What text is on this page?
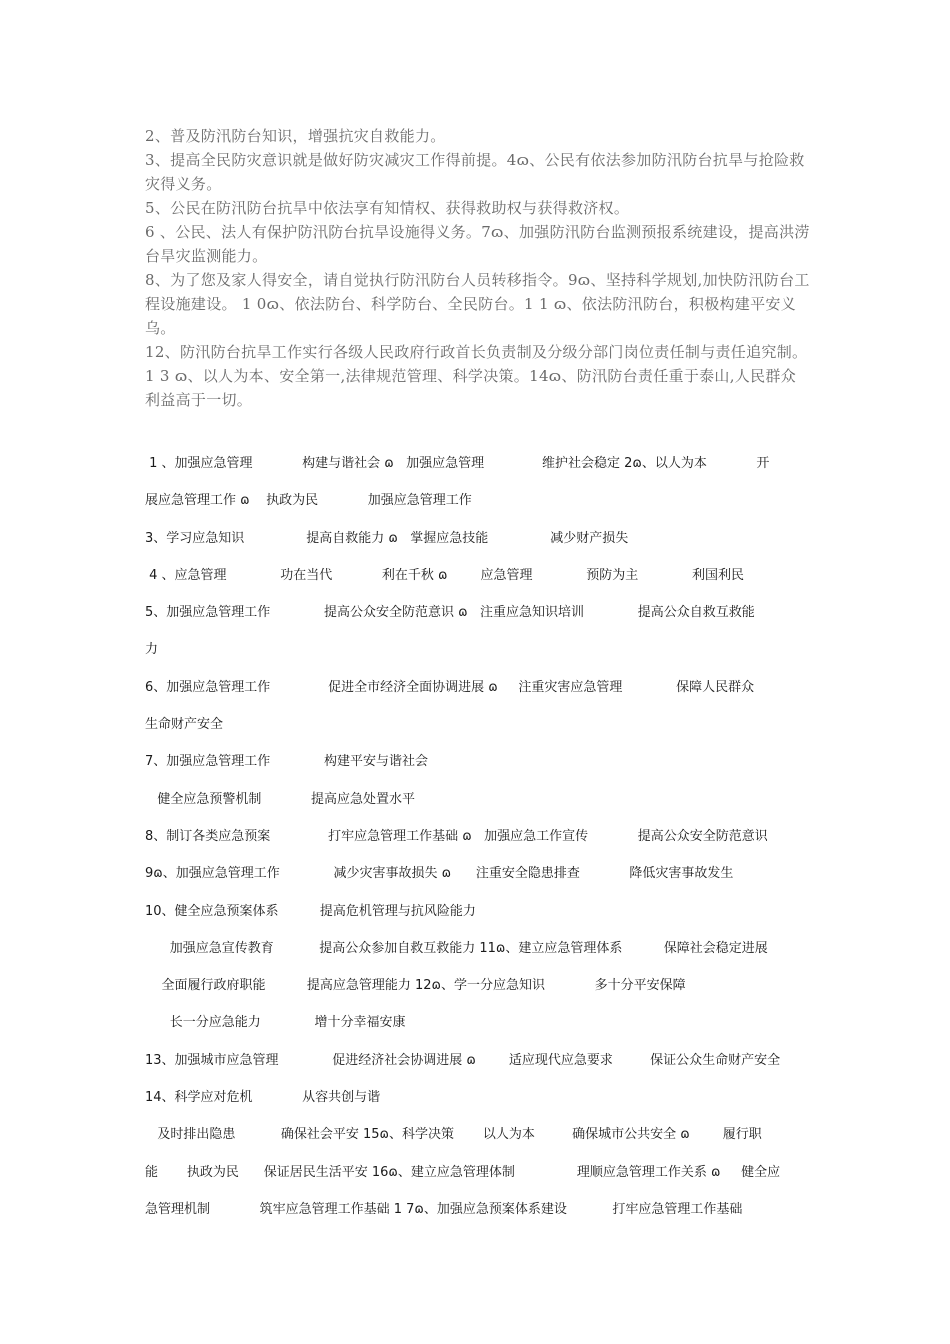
2、普及防汛防台知识，增强抗灾自救能力。

3、提高全民防灾意识就是做好防灾减灾工作得前提。4ɷ、公民有依法参加防汛防台抗旱与抢险救灾得义务。

5、公民在防汛防台抗旱中依法享有知情权、获得救助权与获得救济权。

6 、公民、法人有保护防汛防台抗旱设施得义务。7ɷ、加强防汛防台监测预报系统建设，提高洪涝台旱灾监测能力。

8、为了您及家人得安全，请自觉执行防汛防台人员转移指令。9ɷ、坚持科学规划,加快防汛防台工程设施建设。 1 0ɷ、依法防台、科学防台、全民防台。1 1 ɷ、依法防汛防台，积极构建平安义乌。

12、防汛防台抗旱工作实行各级人民政府行政首长负责制及分级分部门岗位责任制与责任追究制。1 3 ɷ、以人为本、安全第一,法律规范管理、科学决策。14ɷ、防汛防台责任重于泰山,人民群众利益高于一切。

1 、加强应急管理            构建与谐社会 ɷ   加强应急管理              维护社会稳定 2ɷ、以人为本            开
展应急管理工作 ɷ    执政为民            加强应急管理工作
3、学习应急知识               提高自救能力 ɷ   掌握应急技能               减少财产损失
4 、应急管理             功在当代            利在千秋 ɷ        应急管理             预防为主             利国利民
5、加强应急管理工作             提高公众安全防范意识 ɷ   注重应急知识培训             提高公众自救互救能
力
6、加强应急管理工作              促进全市经济全面协调进展 ɷ     注重灾害应急管理             保障人民群众
生命财产安全
7、加强应急管理工作             构建平安与谐社会
健全应急预警机制            提高应急处置水平
8、制订各类应急预案              打牢应急管理工作基础 ɷ   加强应急工作宣传            提高公众安全防范意识
9ɷ、加强应急管理工作             减少灾害事故损失 ɷ      注重安全隐患排查            降低灾害事故发生
10、健全应急预案体系          提高危机管理与抗风险能力
加强应急宣传教育           提高公众参加自救互救能力 11ɷ、建立应急管理体系          保障社会稳定进展
全面履行政府职能          提高应急管理能力 12ɷ、学一分应急知识            多十分平安保障
长一分应急能力             增十分幸福安康
13、加强城市应急管理             促进经济社会协调进展 ɷ        适应现代应急要求         保证公众生命财产安全
14、科学应对危机            从容共创与谐
及时排出隐患           确保社会平安 15ɷ、科学决策       以人为本         确保城市公共安全 ɷ        履行职
能       执政为民      保证居民生活平安 16ɷ、建立应急管理体制               理顺应急管理工作关系 ɷ     健全应
急管理机制            筑牢应急管理工作基础 1 7ɷ、加强应急预案体系建设           打牢应急管理工作基础
